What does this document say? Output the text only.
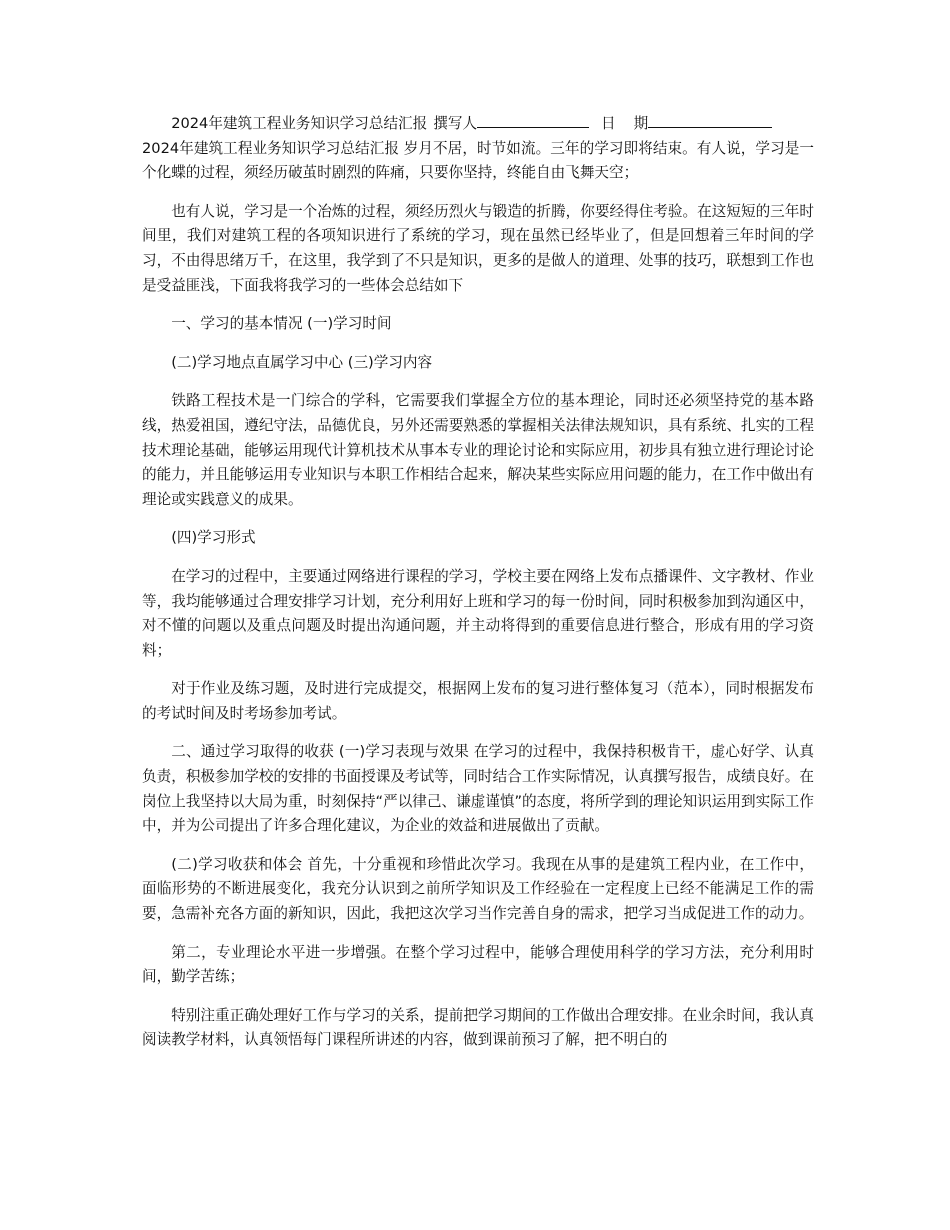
2024年建筑工程业务知识学习总结汇报 撰写人	日 期
2024年建筑工程业务知识学习总结汇报 岁月不居，时节如流。三年的学习即将结束。有人说，学习是一个化蝶的过程，须经历破茧时剧烈的阵痛，只要你坚持，终能自由飞舞天空；

也有人说，学习是一个冶炼的过程，须经历烈火与锻造的折腾，你要经得住考验。在这短短的三年时间里，我们对建筑工程的各项知识进行了系统的学习，现在虽然已经毕业了，但是回想着三年时间的学习，不由得思绪万千，在这里，我学到了不只是知识，更多的是做人的道理、处事的技巧，联想到工作也是受益匪浅，下面我将我学习的一些体会总结如下

一、学习的基本情况 (一)学习时间

(二)学习地点直属学习中心 (三)学习内容

铁路工程技术是一门综合的学科，它需要我们掌握全方位的基本理论，同时还必须坚持党的基本路线，热爱祖国，遵纪守法，品德优良，另外还需要熟悉的掌握相关法律法规知识，具有系统、扎实的工程技术理论基础，能够运用现代计算机技术从事本专业的理论讨论和实际应用，初步具有独立进行理论讨论的能力，并且能够运用专业知识与本职工作相结合起来，解决某些实际应用问题的能力，在工作中做出有理论或实践意义的成果。

(四)学习形式

在学习的过程中，主要通过网络进行课程的学习，学校主要在网络上发布点播课件、文字教材、作业等，我均能够通过合理安排学习计划，充分利用好上班和学习的每一份时间，同时积极参加到沟通区中，对不懂的问题以及重点问题及时提出沟通问题，并主动将得到的重要信息进行整合，形成有用的学习资料；

对于作业及练习题，及时进行完成提交，根据网上发布的复习进行整体复习（范本），同时根据发布的考试时间及时考场参加考试。

二、通过学习取得的收获 (一)学习表现与效果 在学习的过程中，我保持积极肯干，虚心好学、认真负责，积极参加学校的安排的书面授课及考试等，同时结合工作实际情况，认真撰写报告，成绩良好。在岗位上我坚持以大局为重，时刻保持“严以律己、谦虚谨慎”的态度，将所学到的理论知识运用到实际工作中，并为公司提出了许多合理化建议，为企业的效益和进展做出了贡献。

(二)学习收获和体会 首先，十分重视和珍惜此次学习。我现在从事的是建筑工程内业，在工作中，面临形势的不断进展变化，我充分认识到之前所学知识及工作经验在一定程度上已经不能满足工作的需要，急需补充各方面的新知识，因此，我把这次学习当作完善自身的需求，把学习当成促进工作的动力。

第二，专业理论水平进一步增强。在整个学习过程中，能够合理使用科学的学习方法，充分利用时间，勤学苦练；

特别注重正确处理好工作与学习的关系，提前把学习期间的工作做出合理安排。在业余时间，我认真阅读教学材料，认真领悟每门课程所讲述的内容，做到课前预习了解，把不明白的
